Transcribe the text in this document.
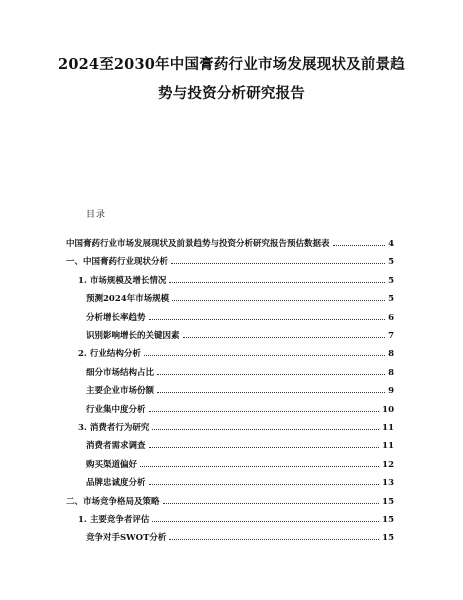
2024至2030年中国膏药行业市场发展现状及前景趋
势与投资分析研究报告
目录
中国膏药行业市场发展现状及前景趋势与投资分析研究报告预估数据表	4
一、中国膏药行业现状分析	5
1. 市场规模及增长情况	5
预测2024年市场规模	5
分析增长率趋势	6
识别影响增长的关键因素	7
2. 行业结构分析	8
细分市场结构占比	8
主要企业市场份额	9
行业集中度分析	10
3. 消费者行为研究	11
消费者需求调查	11
购买渠道偏好	12
品牌忠诚度分析	13
二、市场竞争格局及策略	15
1. 主要竞争者评估	15
竞争对手SWOT分析	15
